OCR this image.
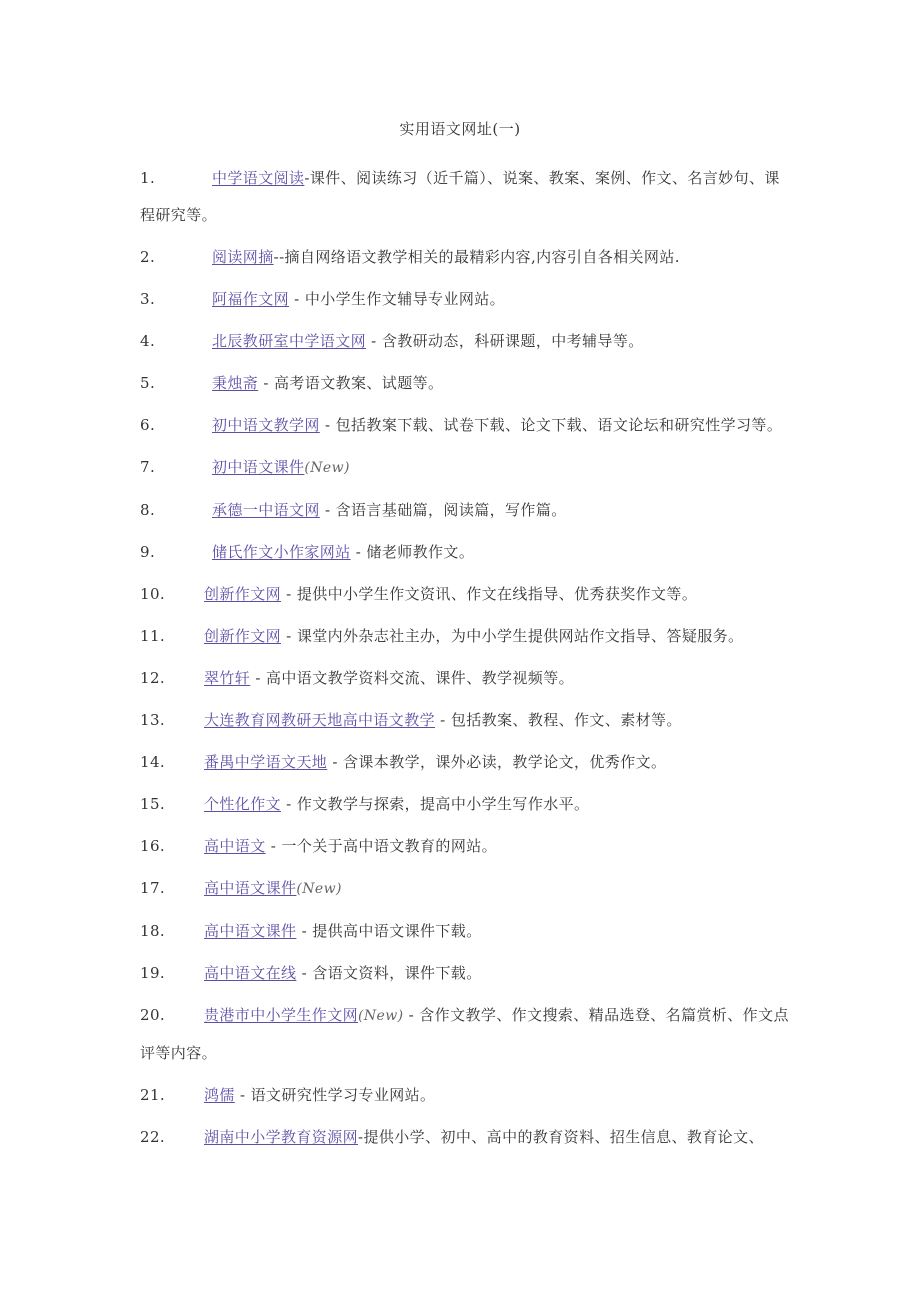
实用语文网址(一)
1.	中学语文阅读-课件、阅读练习（近千篇）、说案、教案、案例、作文、名言妙句、课程研究等。
2.	阅读网摘--摘自网络语文教学相关的最精彩内容,内容引自各相关网站.
3.	阿福作文网 - 中小学生作文辅导专业网站。
4.	北辰教研室中学语文网 - 含教研动态，科研课题，中考辅导等。
5.	秉烛斋 - 高考语文教案、试题等。
6.	初中语文教学网 - 包括教案下载、试卷下载、论文下载、语文论坛和研究性学习等。
7.	初中语文课件(New)
8.	承德一中语文网 - 含语言基础篇，阅读篇，写作篇。
9.	储氏作文小作家网站 - 储老师教作文。
10.	创新作文网 - 提供中小学生作文资讯、作文在线指导、优秀获奖作文等。
11.	创新作文网 - 课堂内外杂志社主办，为中小学生提供网站作文指导、答疑服务。
12.	翠竹轩 - 高中语文教学资料交流、课件、教学视频等。
13.	大连教育网教研天地高中语文教学 - 包括教案、教程、作文、素材等。
14.	番禺中学语文天地 - 含课本教学，课外必读，教学论文，优秀作文。
15.	个性化作文 - 作文教学与探索，提高中小学生写作水平。
16.	高中语文 - 一个关于高中语文教育的网站。
17.	高中语文课件(New)
18.	高中语文课件 - 提供高中语文课件下载。
19.	高中语文在线 - 含语文资料，课件下载。
20.	贵港市中小学生作文网(New) - 含作文教学、作文搜索、精品选登、名篇赏析、作文点评等内容。
21.	鸿儒 - 语文研究性学习专业网站。
22.	湖南中小学教育资源网-提供小学、初中、高中的教育资料、招生信息、教育论文、
